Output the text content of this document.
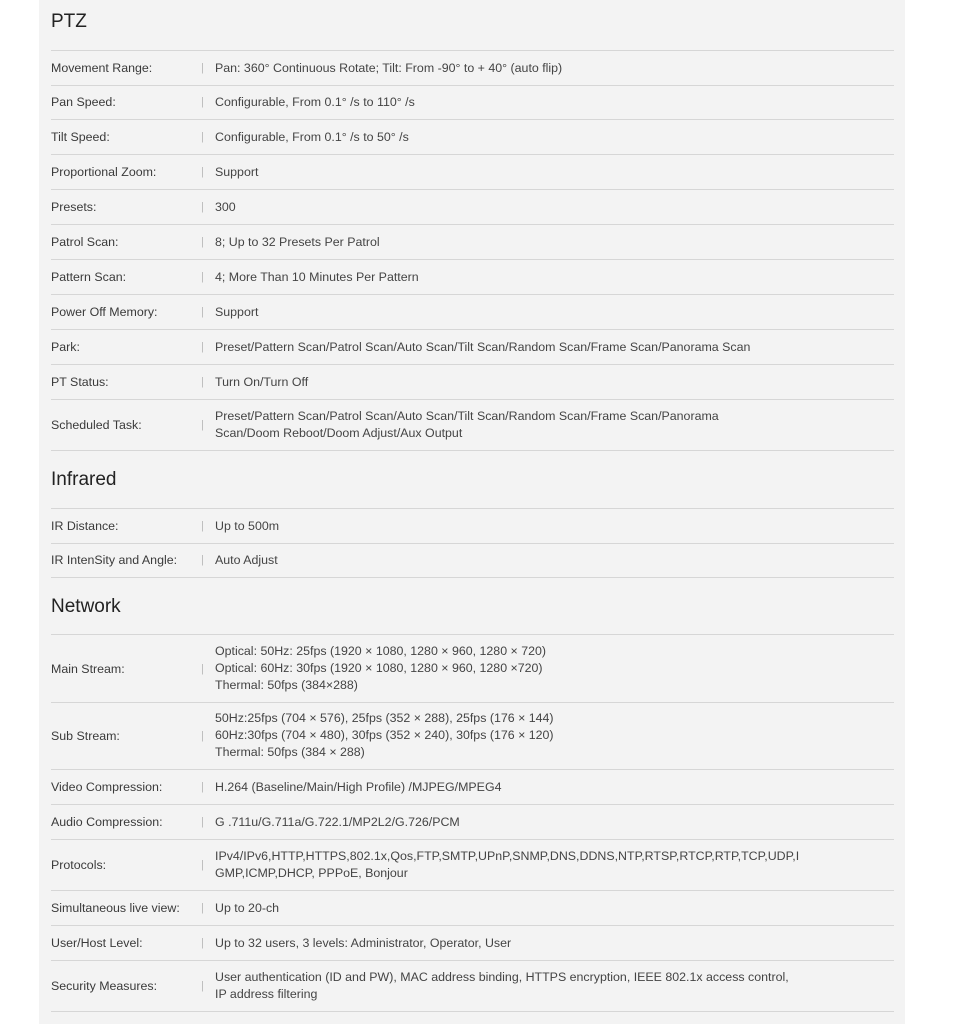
PTZ
Movement Range:	| Pan: 360° Continuous Rotate; Tilt: From -90° to + 40° (auto flip)
Pan Speed:	| Configurable, From 0.1° /s to 110° /s
Tilt Speed:	| Configurable, From 0.1° /s to 50° /s
Proportional Zoom:	| Support
Presets:	| 300
Patrol Scan:	| 8; Up to 32 Presets Per Patrol
Pattern Scan:	| 4; More Than 10 Minutes Per Pattern
Power Off Memory:	| Support
Park:	| Preset/Pattern Scan/Patrol Scan/Auto Scan/Tilt Scan/Random Scan/Frame Scan/Panorama Scan
PT Status:	| Turn On/Turn Off
Scheduled Task:	|
Preset/Pattern Scan/Patrol Scan/Auto Scan/Tilt Scan/Random Scan/Frame Scan/Panorama
Scan/Doom Reboot/Doom Adjust/Aux Output
Infrared
IR Distance:	| Up to 500m
IR IntenSity and Angle:	| Auto Adjust
Network
Main Stream:	|
Optical: 50Hz: 25fps (1920 × 1080, 1280 × 960, 1280 × 720)
Optical: 60Hz: 30fps (1920 × 1080, 1280 × 960, 1280 ×720)
Thermal: 50fps (384×288)
Sub Stream:	|
50Hz:25fps (704 × 576), 25fps (352 × 288), 25fps (176 × 144)
60Hz:30fps (704 × 480), 30fps (352 × 240), 30fps (176 × 120)
Thermal: 50fps (384 × 288)
Video Compression:	| H.264 (Baseline/Main/High Profile) /MJPEG/MPEG4
Audio Compression:	| G .711u/G.711a/G.722.1/MP2L2/G.726/PCM
Protocols:	|
IPv4/IPv6,HTTP,HTTPS,802.1x,Qos,FTP,SMTP,UPnP,SNMP,DNS,DDNS,NTP,RTSP,RTCP,RTP,TCP,UDP,I
GMP,ICMP,DHCP, PPPoE, Bonjour
Simultaneous live view:	| Up to 20-ch
User/Host Level:	| Up to 32 users, 3 levels: Administrator, Operator, User
Security Measures:	|
User authentication (ID and PW), MAC address binding, HTTPS encryption, IEEE 802.1x access control,
IP address filtering
